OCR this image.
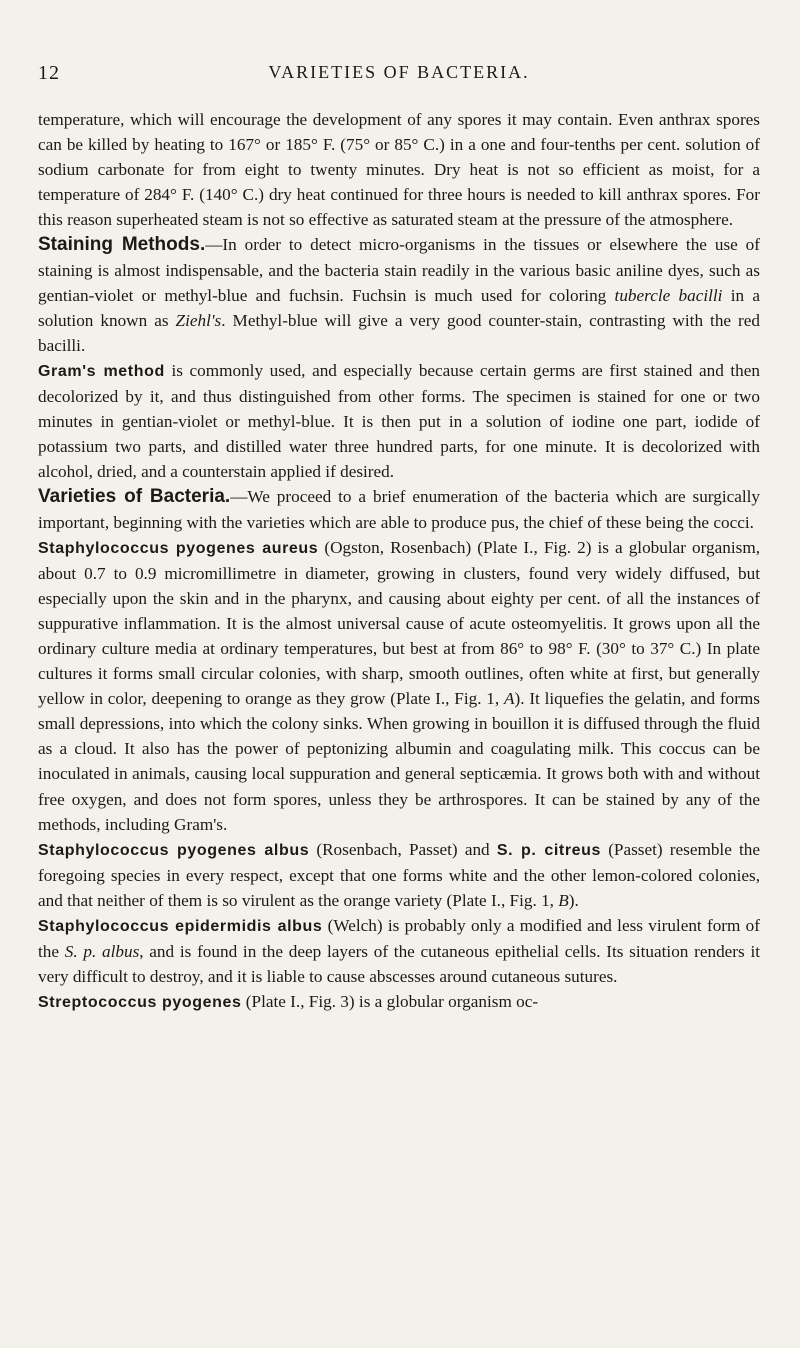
12	VARIETIES OF BACTERIA.

temperature, which will encourage the development of any spores it may contain. Even anthrax spores can be killed by heating to 167° or 185° F. (75° or 85° C.) in a one and four-tenths per cent. solution of sodium carbonate for from eight to twenty minutes. Dry heat is not so efficient as moist, for a temperature of 284° F. (140° C.) dry heat continued for three hours is needed to kill anthrax spores. For this reason superheated steam is not so effective as saturated steam at the pressure of the atmosphere.

Staining Methods.—In order to detect micro-organisms in the tissues or elsewhere the use of staining is almost indispensable, and the bacteria stain readily in the various basic aniline dyes, such as gentian-violet or methyl-blue and fuchsin. Fuchsin is much used for coloring tubercle bacilli in a solution known as Ziehl's. Methyl-blue will give a very good counter-stain, contrasting with the red bacilli.

Gram's method is commonly used, and especially because certain germs are first stained and then decolorized by it, and thus distinguished from other forms. The specimen is stained for one or two minutes in gentian-violet or methyl-blue. It is then put in a solution of iodine one part, iodide of potassium two parts, and distilled water three hundred parts, for one minute. It is decolorized with alcohol, dried, and a counterstain applied if desired.

Varieties of Bacteria.—We proceed to a brief enumeration of the bacteria which are surgically important, beginning with the varieties which are able to produce pus, the chief of these being the cocci.

Staphylococcus pyogenes aureus (Ogston, Rosenbach) (Plate I., Fig. 2) is a globular organism, about 0.7 to 0.9 micromillimetre in diameter, growing in clusters, found very widely diffused, but especially upon the skin and in the pharynx, and causing about eighty per cent. of all the instances of suppurative inflammation. It is the almost universal cause of acute osteomyelitis. It grows upon all the ordinary culture media at ordinary temperatures, but best at from 86° to 98° F. (30° to 37° C.) In plate cultures it forms small circular colonies, with sharp, smooth outlines, often white at first, but generally yellow in color, deepening to orange as they grow (Plate I., Fig. 1, A). It liquefies the gelatin, and forms small depressions, into which the colony sinks. When growing in bouillon it is diffused through the fluid as a cloud. It also has the power of peptonizing albumin and coagulating milk. This coccus can be inoculated in animals, causing local suppuration and general septicæmia. It grows both with and without free oxygen, and does not form spores, unless they be arthrospores. It can be stained by any of the methods, including Gram's.

Staphylococcus pyogenes albus (Rosenbach, Passet) and S. p. citreus (Passet) resemble the foregoing species in every respect, except that one forms white and the other lemon-colored colonies, and that neither of them is so virulent as the orange variety (Plate I., Fig. 1, B).

Staphylococcus epidermidis albus (Welch) is probably only a modified and less virulent form of the S. p. albus, and is found in the deep layers of the cutaneous epithelial cells. Its situation renders it very difficult to destroy, and it is liable to cause abscesses around cutaneous sutures.

Streptococcus pyogenes (Plate I., Fig. 3) is a globular organism oc-
